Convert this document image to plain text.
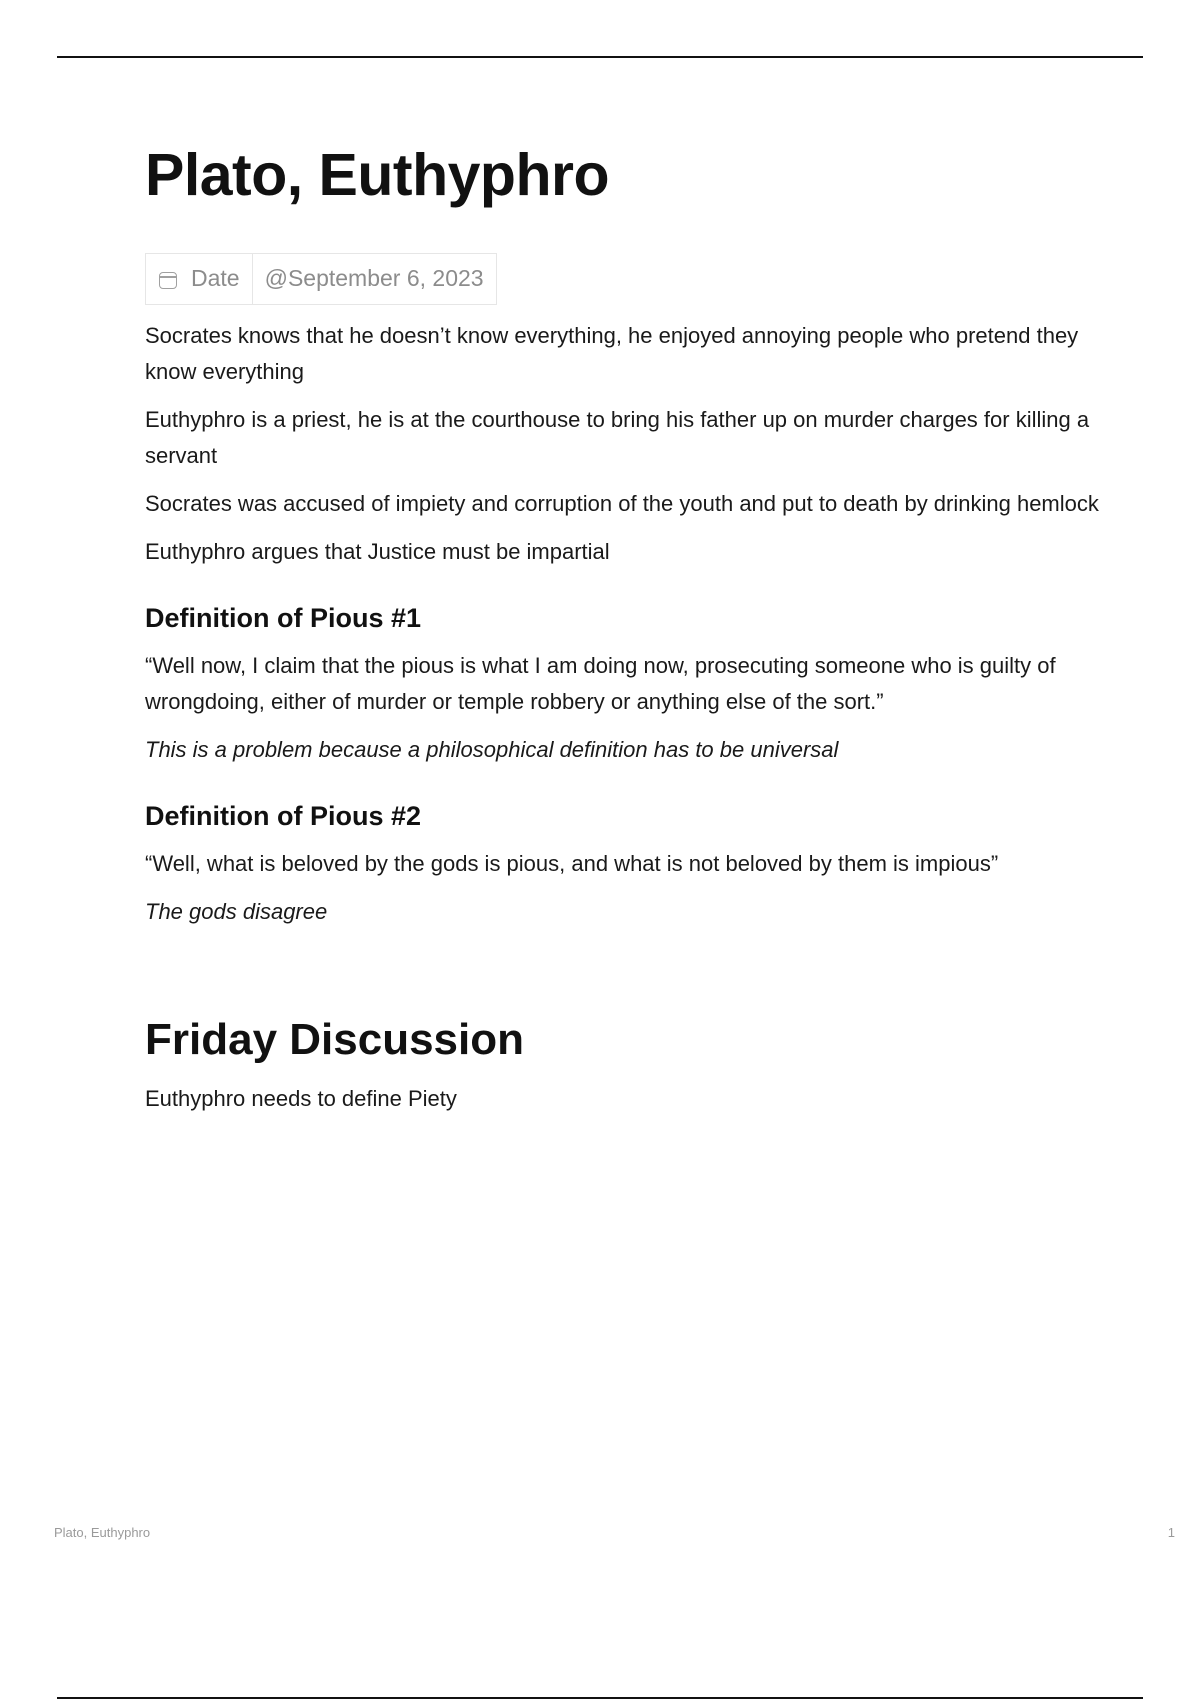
Plato, Euthyphro
Date	@September 6, 2023

Socrates knows that he doesn’t know everything, he enjoyed annoying people who pretend they know everything

Euthyphro is a priest, he is at the courthouse to bring his father up on murder charges for killing a servant

Socrates was accused of impiety and corruption of the youth and put to death by drinking hemlock

Euthyphro argues that Justice must be impartial

Definition of Pious #1

“Well now, I claim that the pious is what I am doing now, prosecuting someone who is guilty of wrongdoing, either of murder or temple robbery or anything else of the sort.”

This is a problem because a philosophical definition has to be universal

Definition of Pious #2

“Well, what is beloved by the gods is pious, and what is not beloved by them is impious”

The gods disagree

Friday Discussion

Euthyphro needs to define Piety

Plato, Euthyphro	1
